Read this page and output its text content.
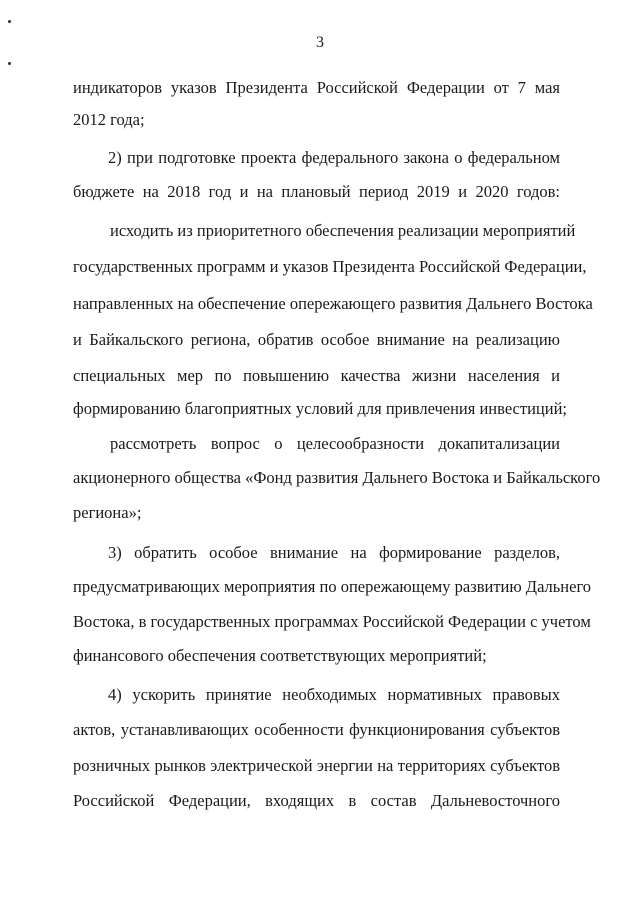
3
индикаторов указов Президента Российской Федерации от 7 мая
2012 года;
2) при подготовке проекта федерального закона о федеральном
бюджете на 2018 год и на плановый период 2019 и 2020 годов:
исходить из приоритетного обеспечения реализации мероприятий
государственных программ и указов Президента Российской Федерации,
направленных на обеспечение опережающего развития Дальнего Востока
и Байкальского региона, обратив особое внимание на реализацию
специальных мер по повышению качества жизни населения и
формированию благоприятных условий для привлечения инвестиций;
рассмотреть вопрос о целесообразности докапитализации
акционерного общества «Фонд развития Дальнего Востока и Байкальского
региона»;
3) обратить особое внимание на формирование разделов,
предусматривающих мероприятия по опережающему развитию Дальнего
Востока, в государственных программах Российской Федерации с учетом
финансового обеспечения соответствующих мероприятий;
4) ускорить принятие необходимых нормативных правовых
актов, устанавливающих особенности функционирования субъектов
розничных рынков электрической энергии на территориях субъектов
Российской Федерации, входящих в состав Дальневосточного
